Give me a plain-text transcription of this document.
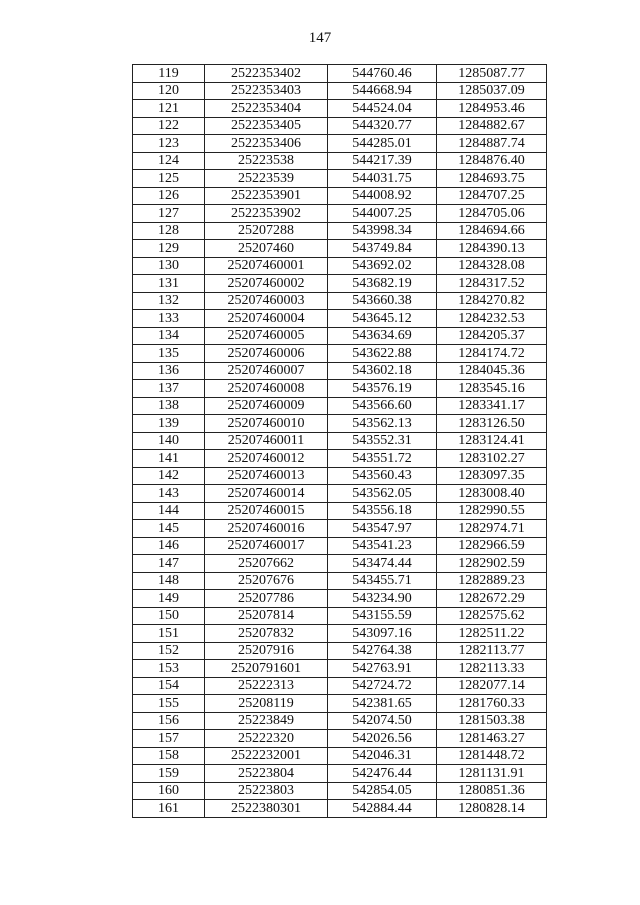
147
119	2522353402	544760.46	1285087.77
120	2522353403	544668.94	1285037.09
121	2522353404	544524.04	1284953.46
122	2522353405	544320.77	1284882.67
123	2522353406	544285.01	1284887.74
124	25223538	544217.39	1284876.40
125	25223539	544031.75	1284693.75
126	2522353901	544008.92	1284707.25
127	2522353902	544007.25	1284705.06
128	25207288	543998.34	1284694.66
129	25207460	543749.84	1284390.13
130	25207460001	543692.02	1284328.08
131	25207460002	543682.19	1284317.52
132	25207460003	543660.38	1284270.82
133	25207460004	543645.12	1284232.53
134	25207460005	543634.69	1284205.37
135	25207460006	543622.88	1284174.72
136	25207460007	543602.18	1284045.36
137	25207460008	543576.19	1283545.16
138	25207460009	543566.60	1283341.17
139	25207460010	543562.13	1283126.50
140	25207460011	543552.31	1283124.41
141	25207460012	543551.72	1283102.27
142	25207460013	543560.43	1283097.35
143	25207460014	543562.05	1283008.40
144	25207460015	543556.18	1282990.55
145	25207460016	543547.97	1282974.71
146	25207460017	543541.23	1282966.59
147	25207662	543474.44	1282902.59
148	25207676	543455.71	1282889.23
149	25207786	543234.90	1282672.29
150	25207814	543155.59	1282575.62
151	25207832	543097.16	1282511.22
152	25207916	542764.38	1282113.77
153	2520791601	542763.91	1282113.33
154	25222313	542724.72	1282077.14
155	25208119	542381.65	1281760.33
156	25223849	542074.50	1281503.38
157	25222320	542026.56	1281463.27
158	2522232001	542046.31	1281448.72
159	25223804	542476.44	1281131.91
160	25223803	542854.05	1280851.36
161	2522380301	542884.44	1280828.14
